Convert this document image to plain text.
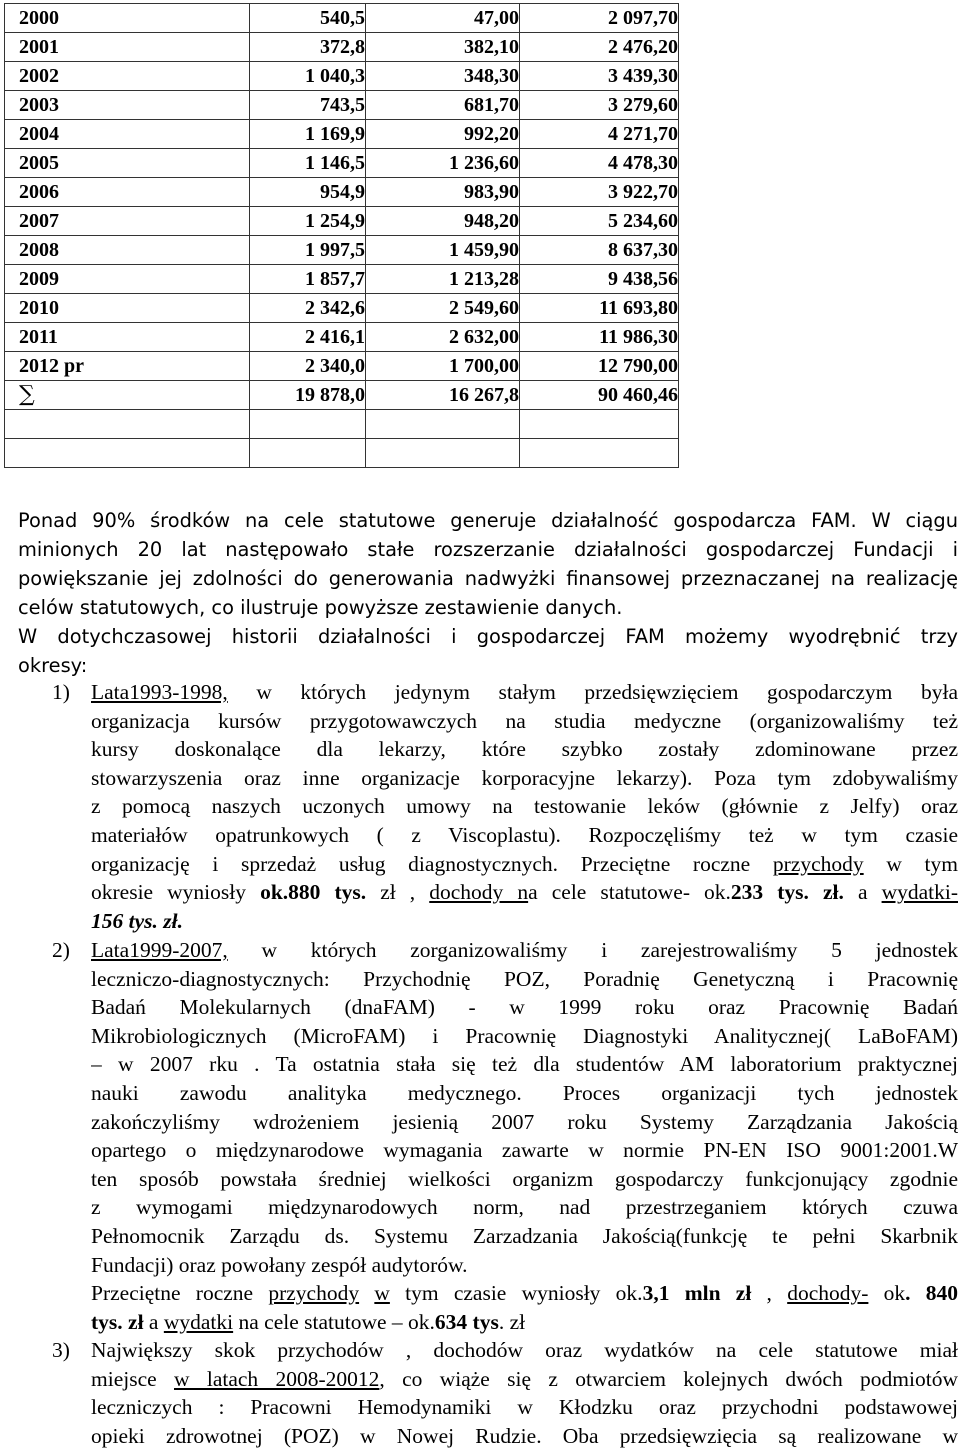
2000	540,5	47,00	2 097,70
2001	372,8	382,10	2 476,20
2002	1 040,3	348,30	3 439,30
2003	743,5	681,70	3 279,60
2004	1 169,9	992,20	4 271,70
2005	1 146,5	1 236,60	4 478,30
2006	954,9	983,90	3 922,70
2007	1 254,9	948,20	5 234,60
2008	1 997,5	1 459,90	8 637,30
2009	1 857,7	1 213,28	9 438,56
2010	2 342,6	2 549,60	11 693,80
2011	2 416,1	2 632,00	11 986,30
2012 pr	2 340,0	1 700,00	12 790,00
∑	19 878,0	16 267,8	90 460,46

Ponad 90% środków na cele statutowe generuje działalność gospodarcza FAM. W ciągu
minionych 20 lat następowało stałe rozszerzanie działalności gospodarczej Fundacji i
powiększanie jej zdolności do generowania nadwyżki finansowej przeznaczanej na realizację
celów statutowych, co ilustruje powyższe zestawienie danych.
W dotychczasowej historii działalności i gospodarczej FAM możemy wyodrębnić trzy
okresy:
1) Lata1993-1998, w których jedynym stałym przedsięwzięciem gospodarczym była
organizacja kursów przygotowawczych na studia medyczne (organizowaliśmy też
kursy doskonalące dla lekarzy, które szybko zostały zdominowane przez
stowarzyszenia oraz inne organizacje korporacyjne lekarzy). Poza tym zdobywaliśmy
z pomocą naszych uczonych umowy na testowanie leków (głównie z Jelfy) oraz
materiałów opatrunkowych ( z Viscoplastu). Rozpoczęliśmy też w tym czasie
organizację i sprzedaż usług diagnostycznych. Przeciętne roczne przychody w tym
okresie wyniosły ok.880 tys. zł , dochody na cele statutowe- ok.233 tys. zł. a wydatki-
156 tys. zł.
2) Lata1999-2007, w których zorganizowaliśmy i zarejestrowaliśmy 5 jednostek
leczniczo-diagnostycznych: Przychodnię POZ, Poradnię Genetyczną i Pracownię
Badań Molekularnych (dnaFAM) - w 1999 roku oraz Pracownię Badań
Mikrobiologicznych (MicroFAM) i Pracownię Diagnostyki Analitycznej( LaBoFAM)
– w 2007 rku . Ta ostatnia stała się też dla studentów AM laboratorium praktycznej
nauki zawodu analityka medycznego. Proces organizacji tych jednostek
zakończyliśmy wdrożeniem jesienią 2007 roku Systemy Zarządzania Jakością
opartego o międzynarodowe wymagania zawarte w normie PN-EN ISO 9001:2001.W
ten sposób powstała średniej wielkości organizm gospodarczy funkcjonujący zgodnie
z wymogami międzynarodowych norm, nad przestrzeganiem których czuwa
Pełnomocnik Zarządu ds. Systemu Zarzadzania Jakością(funkcję te pełni Skarbnik
Fundacji) oraz powołany zespół audytorów.
Przeciętne roczne przychody w tym czasie wyniosły ok.3,1 mln zł , dochody- ok. 840
tys. zł a wydatki na cele statutowe – ok.634 tys. zł
3) Największy skok przychodów , dochodów oraz wydatków na cele statutowe miał
miejsce w latach 2008-20012, co wiąże się z otwarciem kolejnych dwóch podmiotów
leczniczych : Pracowni Hemodynamiki w Kłodzku oraz przychodni podstawowej
opieki zdrowotnej (POZ) w Nowej Rudzie. Oba przedsięwzięcia są realizowane w
